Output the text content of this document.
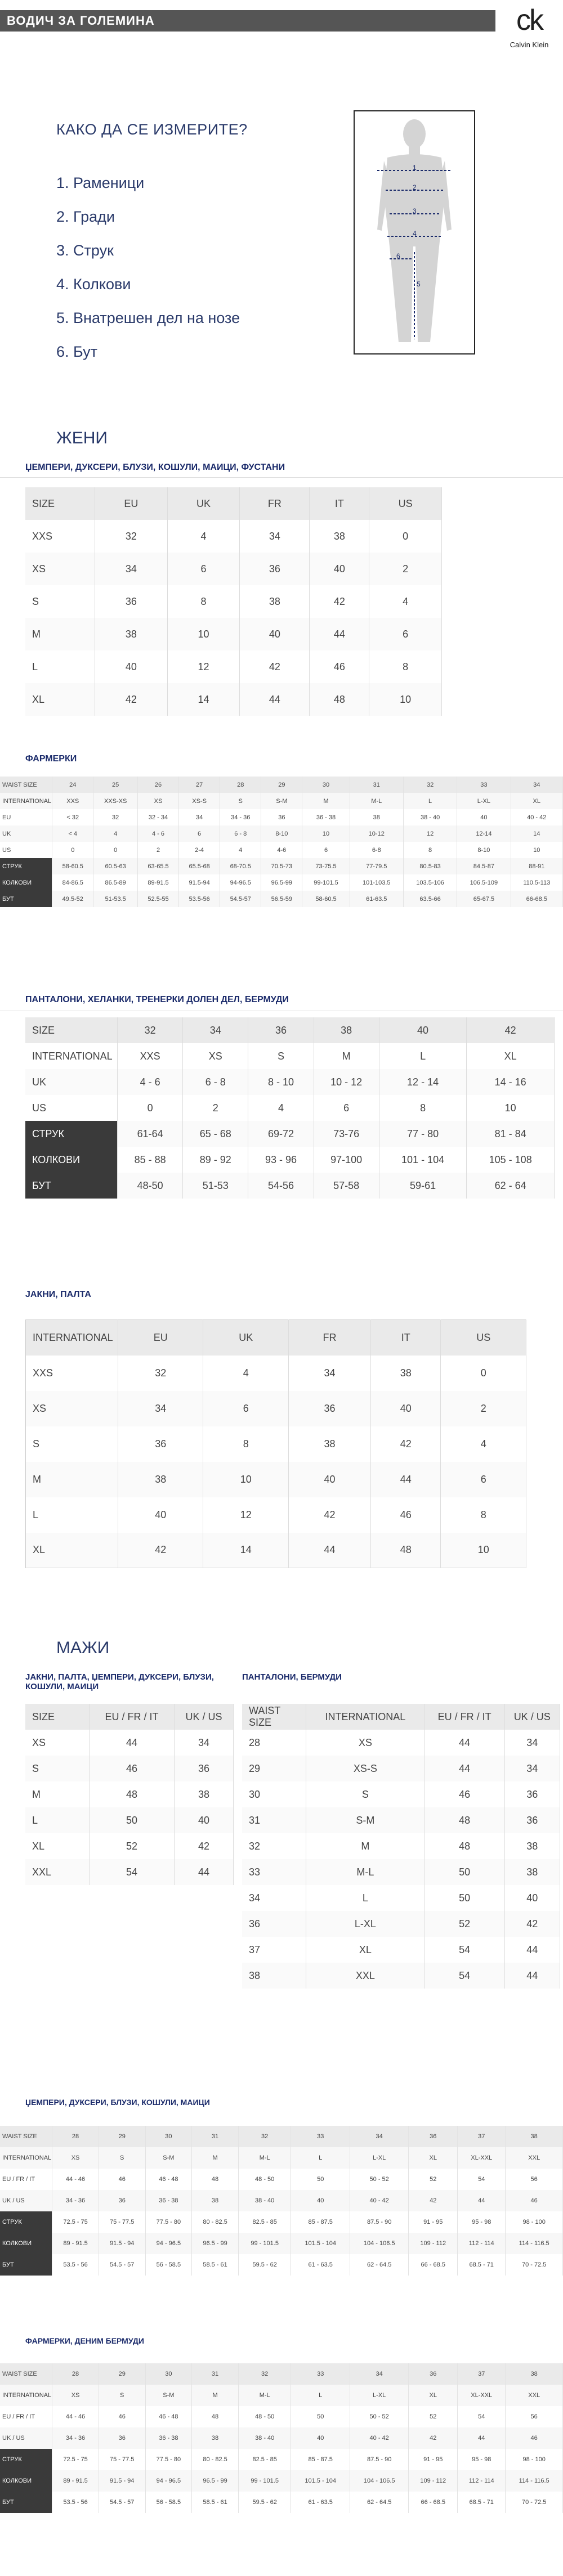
ВОДИЧ ЗА ГОЛЕМИНА	ck
Calvin Klein
КАКО ДА СЕ ИЗМЕРИТЕ?
1. Раменици
2. Гради
3. Струк
4. Колкови
5. Внатрешен дел на нозе
6. Бут
1
2
3
4
5
6
ЖЕНИ
ЏЕМПЕРИ, ДУКСЕРИ, БЛУЗИ, КОШУЛИ, МАИЦИ, ФУСТАНИ
SIZE	EU	UK	FR	IT	US
XXS	32	4	34	38	0
XS	34	6	36	40	2
S	36	8	38	42	4
M	38	10	40	44	6
L	40	12	42	46	8
XL	42	14	44	48	10
ФАРМЕРКИ
WAIST SIZE	24	25	26	27	28	29	30	31	32	33	34
INTERNATIONAL	XXS	XXS-XS	XS	XS-S	S	S-M	M	M-L	L	L-XL	XL
EU	< 32	32	32 - 34	34	34 - 36	36	36 - 38	38	38 - 40	40	40 - 42
UK	< 4	4	4 - 6	6	6 - 8	8-10	10	10-12	12	12-14	14
US	0	0	2	2-4	4	4-6	6	6-8	8	8-10	10
СТРУК	58-60.5	60.5-63	63-65.5	65.5-68	68-70.5	70.5-73	73-75.5	77-79.5	80.5-83	84.5-87	88-91
КОЛКОВИ	84-86.5	86.5-89	89-91.5	91.5-94	94-96.5	96.5-99	99-101.5	101-103.5	103.5-106	106.5-109	110.5-113
БУТ	49.5-52	51-53.5	52.5-55	53.5-56	54.5-57	56.5-59	58-60.5	61-63.5	63.5-66	65-67.5	66-68.5
ПАНТАЛОНИ, ХЕЛАНКИ, ТРЕНЕРКИ ДОЛЕН ДЕЛ, БЕРМУДИ
SIZE	32	34	36	38	40	42
INTERNATIONAL	XXS	XS	S	M	L	XL
UK	4 - 6	6 - 8	8 - 10	10 - 12	12 - 14	14 - 16
US	0	2	4	6	8	10
СТРУК	61-64	65 - 68	69-72	73-76	77 - 80	81 - 84
КОЛКОВИ	85 - 88	89 - 92	93 - 96	97-100	101 - 104	105 - 108
БУТ	48-50	51-53	54-56	57-58	59-61	62 - 64
ЈАКНИ, ПАЛТА
INTERNATIONAL	EU	UK	FR	IT	US
XXS	32	4	34	38	0
XS	34	6	36	40	2
S	36	8	38	42	4
M	38	10	40	44	6
L	40	12	42	46	8
XL	42	14	44	48	10
МАЖИ
ЈАКНИ, ПАЛТА, ЏЕМПЕРИ, ДУКСЕРИ, БЛУЗИ, КОШУЛИ, МАИЦИ
SIZE	EU / FR / IT	UK / US
XS	44	34
S	46	36
M	48	38
L	50	40
XL	52	42
XXL	54	44
ПАНТАЛОНИ, БЕРМУДИ
WAIST SIZE	INTERNATIONAL	EU / FR / IT	UK / US
28	XS	44	34
29	XS-S	44	34
30	S	46	36
31	S-M	48	36
32	M	48	38
33	M-L	50	38
34	L	50	40
36	L-XL	52	42
37	XL	54	44
38	XXL	54	44
ЏЕМПЕРИ, ДУКСЕРИ, БЛУЗИ, КОШУЛИ, МАИЦИ
WAIST SIZE	28	29	30	31	32	33	34	36	37	38
INTERNATIONAL	XS	S	S-M	M	M-L	L	L-XL	XL	XL-XXL	XXL
EU / FR / IT	44 - 46	46	46 - 48	48	48 - 50	50	50 - 52	52	54	56
UK / US	34 - 36	36	36 - 38	38	38 - 40	40	40 - 42	42	44	46
СТРУК	72.5 - 75	75 - 77.5	77.5 - 80	80 - 82.5	82.5 - 85	85 - 87.5	87.5 - 90	91 - 95	95 - 98	98 - 100
КОЛКОВИ	89 - 91.5	91.5 - 94	94 - 96.5	96.5 - 99	99 - 101.5	101.5 - 104	104 - 106.5	109 - 112	112 - 114	114 - 116.5
БУТ	53.5 - 56	54.5 - 57	56 - 58.5	58.5 - 61	59.5 - 62	61 - 63.5	62 - 64.5	66 - 68.5	68.5 - 71	70 - 72.5
ФАРМЕРКИ, ДЕНИМ БЕРМУДИ
WAIST SIZE	28	29	30	31	32	33	34	36	37	38
INTERNATIONAL	XS	S	S-M	M	M-L	L	L-XL	XL	XL-XXL	XXL
EU / FR / IT	44 - 46	46	46 - 48	48	48 - 50	50	50 - 52	52	54	56
UK / US	34 - 36	36	36 - 38	38	38 - 40	40	40 - 42	42	44	46
СТРУК	72.5 - 75	75 - 77.5	77.5 - 80	80 - 82.5	82.5 - 85	85 - 87.5	87.5 - 90	91 - 95	95 - 98	98 - 100
КОЛКОВИ	89 - 91.5	91.5 - 94	94 - 96.5	96.5 - 99	99 - 101.5	101.5 - 104	104 - 106.5	109 - 112	112 - 114	114 - 116.5
БУТ	53.5 - 56	54.5 - 57	56 - 58.5	58.5 - 61	59.5 - 62	61 - 63.5	62 - 64.5	66 - 68.5	68.5 - 71	70 - 72.5
